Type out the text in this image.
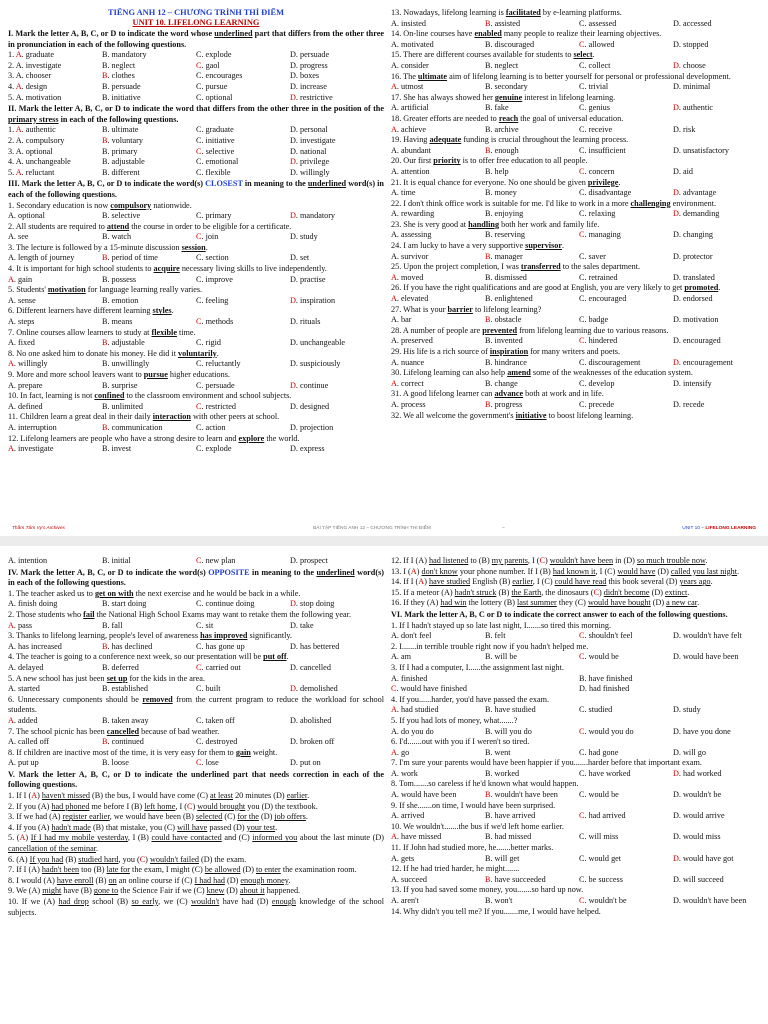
TIẾNG ANH 12 – CHƯƠNG TRÌNH THÍ ĐIỂM
UNIT 10. LIFELONG LEARNING
I. Mark the letter A, B, C, or D to indicate the word whose underlined part that differs from the other three in pronunciation in each of the following questions.
1. A. graduate	B. mandatory	C. explode	D. persuade
2. A. investigate	B. neglect	C. gaol	D. progress
3. A. chooser	B. clothes	C. encourages	D. boxes
4. A. design	B. persuade	C. pursue	D. increase
5. A. motivation	B. initiative	C. optional	D. restrictive
II. Mark the letter A, B, C, or D to indicate the word that differs from the other three in the position of the primary stress in each of the following questions.
1. A. authentic	B. ultimate	C. graduate	D. personal
2. A. compulsory	B. voluntary	C. initiative	D. investigate
3. A. optional	B. primary	C. selective	D. national
4. A. unchangeable	B. adjustable	C. emotional	D. privilege
5. A. reluctant	B. different	C. flexible	D. willingly
III. Mark the letter A, B, C, or D to indicate the word(s) CLOSEST in meaning to the underlined word(s) in each of the following questions.
1. Secondary education is now compulsory nationwide.
A. optional	B. selective	C. primary	D. mandatory
2. All students are required to attend the course in order to be eligible for a certificate.
A. see	B. watch	C. join	D. study
3. The lecture is followed by a 15-minute discussion session.
A. length of journey	B. period of time	C. section	D. set
4. It is important for high school students to acquire necessary living skills to live independently.
A. gain	B. possess	C. improve	D. practise
5. Students' motivation for language learning really varies.
A. sense	B. emotion	C. feeling	D. inspiration
6. Different learners have different learning styles.
A. steps	B. means	C. methods	D. rituals
7. Online courses allow learners to study at flexible time.
A. fixed	B. adjustable	C. rigid	D. unchangeable
8. No one asked him to donate his money. He did it voluntarily.
A. willingly	B. unwillingly	C. reluctantly	D. suspiciously
9. More and more school leavers want to pursue higher educations.
A. prepare	B. surprise	C. persuade	D. continue
10. In fact, learning is not confined to the classroom environment and school subjects.
A. defined	B. unlimited	C. restricted	D. designed
11. Children learn a great deal in their daily interaction with other peers at school.
A. interruption	B. communication	C. action	D. projection
12. Lifelong learners are people who have a strong desire to learn and explore the world.
A. investigate	B. invest	C. explode	D. express
13. Nowadays, lifelong learning is facilitated by e-learning platforms.
A. insisted	B. assisted	C. assessed	D. accessed
14. On-line courses have enabled many people to realize their learning objectives.
A. motivated	B. discouraged	C. allowed	D. stopped
15. There are different courses available for students to select.
A. consider	B. neglect	C. collect	D. choose
16. The ultimate aim of lifelong learning is to better yourself for personal or professional development.
A. utmost	B. secondary	C. trivial	D. minimal
17. She has always showed her genuine interest in lifelong learning.
A. artificial	B. fake	C. genius	D. authentic
18. Greater efforts are needed to reach the goal of universal education.
A. achieve	B. archive	C. receive	D. risk
19. Having adequate funding is crucial throughout the learning process.
A. abundant	B. enough	C. insufficient	D. unsatisfactory
20. Our first priority is to offer free education to all people.
A. attention	B. help	C. concern	D. aid
21. It is equal chance for everyone. No one should be given privilege.
A. time	B. money	C. disadvantage	D. advantage
22. I don't think office work is suitable for me. I'd like to work in a more challenging environment.
A. rewarding	B. enjoying	C. relaxing	D. demanding
23. She is very good at handling both her work and family life.
A. assessing	B. reserving	C. managing	D. changing
24. I am lucky to have a very supportive supervisor.
A. survivor	B. manager	C. saver	D. protector
25. Upon the project completion, I was transferred to the sales department.
A. moved	B. dismissed	C. retrained	D. translated
26. If you have the right qualifications and are good at English, you are very likely to get promoted.
A. elevated	B. enlightened	C. encouraged	D. endorsed
27. What is your barrier to lifelong learning?
A. bar	B. obstacle	C. badge	D. motivation
28. A number of people are prevented from lifelong learning due to various reasons.
A. preserved	B. invented	C. hindered	D. encouraged
29. His life is a rich source of inspiration for many writers and poets.
A. nuance	B. hindrance	C. discouragement	D. encouragement
30. Lifelong learning can also help amend some of the weaknesses of the education system.
A. correct	B. change	C. develop	D. intensify
31. A good lifelong learner can advance both at work and in life.
A. process	B. progress	C. precede	D. recede
32. We all welcome the government's initiative to boost lifelong learning.
Thầm Tâm Vy's Archives	BÀI TẬP TIẾNG ANH 12 – CHƯƠNG TRÌNH THÍ ĐIỂM	–	UNIT 10 – LIFELONG LEARNING
A. intention	B. initial	C. new plan	D. prospect
IV. Mark the letter A, B, C, or D to indicate the word(s) OPPOSITE in meaning to the underlined word(s) in each of the following questions.
1. The teacher asked us to get on with the next exercise and he would be back in a while.
A. finish doing	B. start doing	C. continue doing	D. stop doing
2. Those students who fail the National High School Exams may want to retake them the following year.
A. pass	B. fall	C. sit	D. take
3. Thanks to lifelong learning, people's level of awareness has improved significantly.
A. has increased	B. has declined	C. has gone up	D. has bettered
4. The teacher is going to a conference next week, so our presentation will be put off.
A. delayed	B. deferred	C. carried out	D. cancelled
5. A new school has just been set up for the kids in the area.
A. started	B. established	C. built	D. demolished
6. Unnecessary components should be removed from the current program to reduce the workload for school students.
A. added	B. taken away	C. taken off	D. abolished
7. The school picnic has been cancelled because of bad weather.
A. called off	B. continued	C. destroyed	D. broken off
8. If children are inactive most of the time, it is very easy for them to gain weight.
A. put up	B. loose	C. lose	D. put on
V. Mark the letter A, B, C, or D to indicate the underlined part that needs correction in each of the following questions.
1. If I (A) haven't missed (B) the bus, I would have come (C) at least 20 minutes (D) earlier.
2. If you (A) had phoned me before I (B) left home, I (C) would brought you (D) the textbook.
3. If we had (A) register earlier, we would have been (B) selected (C) for the (D) job offers.
4. If you (A) hadn't made (B) that mistake, you (C) will have passed (D) your test.
5. (A) If I had my mobile yesterday, I (B) could have contacted and (C) informed you about the last minute (D) cancellation of the seminar.
6. (A) If you had (B) studied hard, you (C) wouldn't failed (D) the exam.
7. If I (A) hadn't been too (B) late for the exam, I might (C) be allowed (D) to enter the examination room.
8. I would (A) have enroll (B) on an online course if (C) I had had (D) enough money.
9. We (A) might have (B) gone to the Science Fair if we (C) knew (D) about it happened.
10. If we (A) had drop school (B) so early, we (C) wouldn't have had (D) enough knowledge of the school subjects.
12. If I (A) had listened to (B) my parents, I (C) wouldn't have been in (D) so much trouble now.
13. I (A) don't know your phone number. If I (B) had known it, I (C) would have (D) called you last night.
14. If I (A) have studied English (B) earlier, I (C) could have read this book several (D) years ago.
15. If a meteor (A) hadn't struck (B) the Earth, the dinosaurs (C) didn't become (D) extinct.
16. If they (A) had win the lottery (B) last summer they (C) would have bought (D) a new car.
VI. Mark the letter A, B, C or D to indicate the correct answer to each of the following questions.
1. If I hadn't stayed up so late last night, I.......so tired this morning.
A. don't feel	B. felt	C. shouldn't feel	D. wouldn't have felt
2. I.......in terrible trouble right now if you hadn't helped me.
A. am	B. will be	C. would be	D. would have been
3. If I had a computer, I......the assignment last night.
A. finished	B. have finished
C. would have finished	D. had finished
4. If you......harder, you'd have passed the exam.
A. had studied	B. have studied	C. studied	D. study
5. If you had lots of money, what.......?
A. do you do	B. will you do	C. would you do	D. have you done
6. I'd.......out with you if I weren't so tired.
A. go	B. went	C. had gone	D. will go
7. I'm sure your parents would have been happier if you.......harder before that important exam.
A. work	B. worked	C. have worked	D. had worked
8. Tom.......so careless if he'd known what would happen.
A. would have been	B. wouldn't have been	C. would be	D. wouldn't be
9. If she.......on time, I would have been surprised.
A. arrived	B. have arrived	C. had arrived	D. would arrive
10. We wouldn't.......the bus if we'd left home earlier.
A. have missed	B. had missed	C. will miss	D. would miss
11. If John had studied more, he.......better marks.
A. gets	B. will get	C. would get	D. would have got
12. If he had tried harder, he might.......
A. succeed	B. have succeeded	C. be success	D. will succeed
13. If you had saved some money, you.......so hard up now.
A. aren't	B. won't	C. wouldn't be	D. wouldn't have been
14. Why didn't you tell me? If you.......me, I would have helped.
